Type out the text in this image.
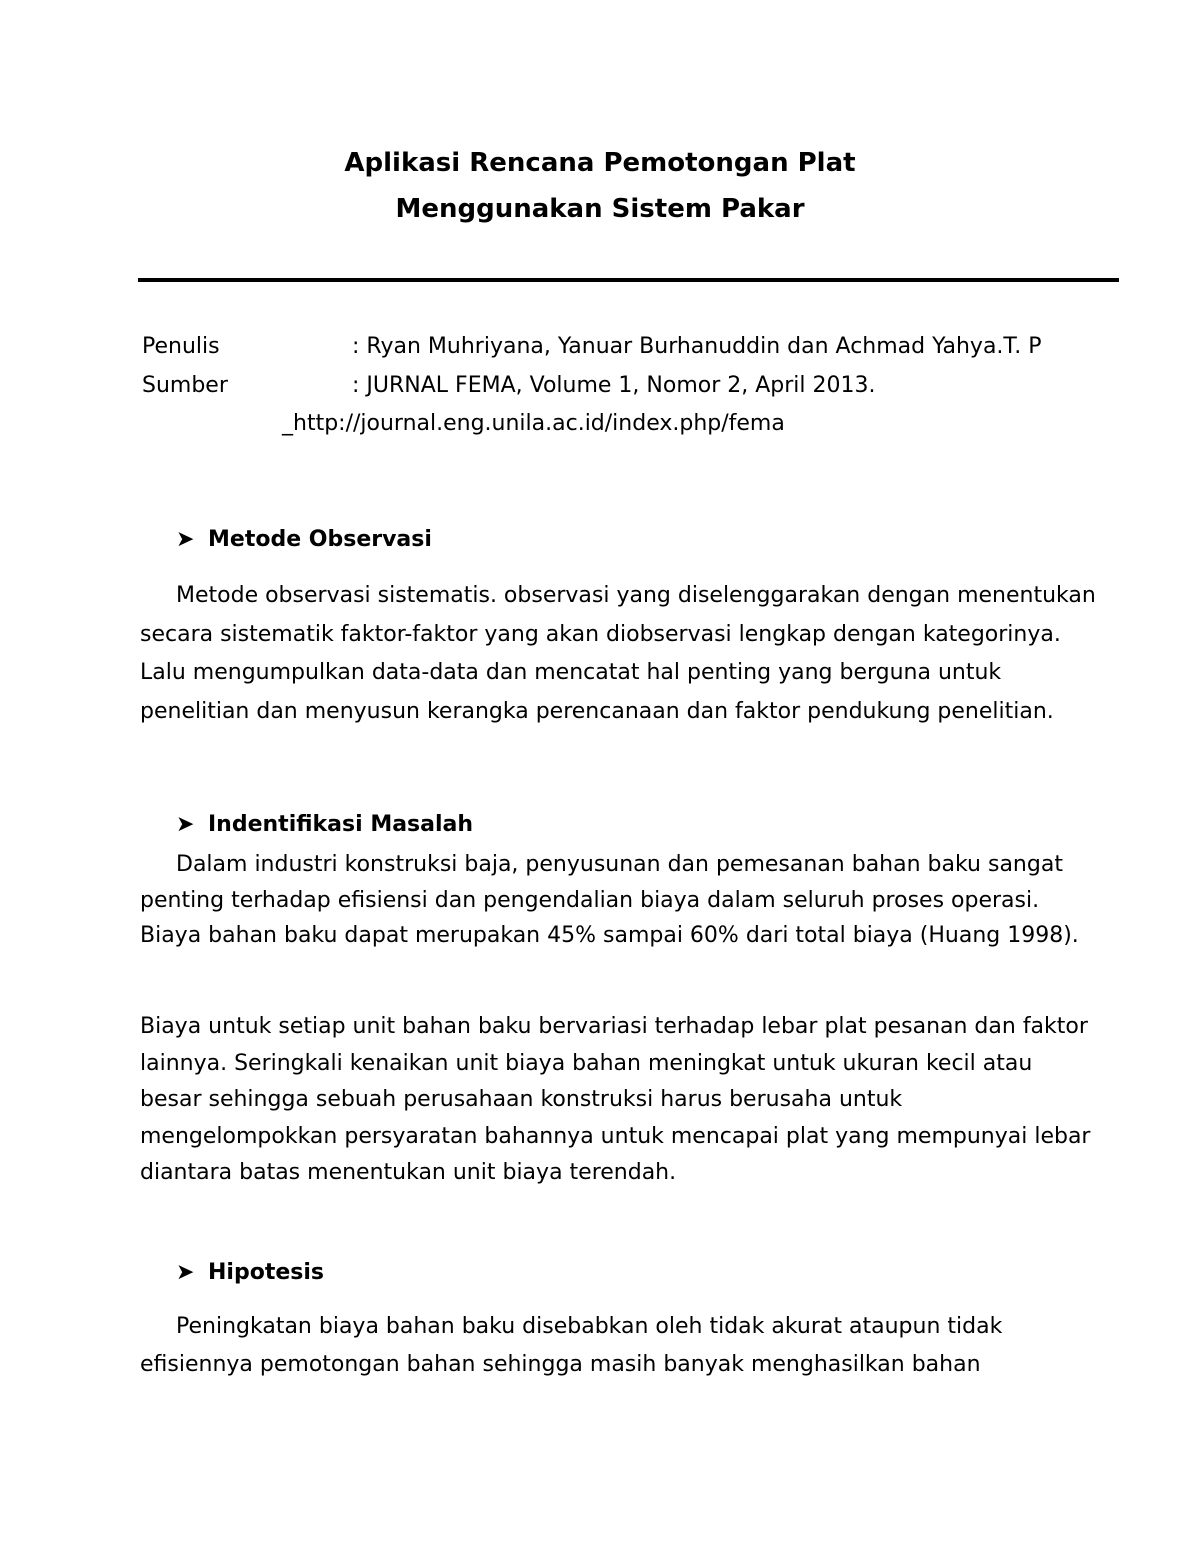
Aplikasi Rencana Pemotongan Plat
Menggunakan Sistem Pakar
Penulis	: Ryan Muhriyana, Yanuar Burhanuddin dan Achmad Yahya.T. P
Sumber	: JURNAL FEMA, Volume 1, Nomor 2, April 2013.
_http://journal.eng.unila.ac.id/index.php/fema
➤ Metode Observasi
Metode observasi sistematis. observasi yang diselenggarakan dengan menentukan secara sistematik faktor-faktor yang akan diobservasi lengkap dengan kategorinya. Lalu mengumpulkan data-data dan mencatat hal penting yang berguna untuk penelitian dan menyusun kerangka perencanaan dan faktor pendukung penelitian.
➤ Indentifikasi Masalah
Dalam industri konstruksi baja, penyusunan dan pemesanan bahan baku sangat penting terhadap efisiensi dan pengendalian biaya dalam seluruh proses operasi. Biaya bahan baku dapat merupakan 45% sampai 60% dari total biaya (Huang 1998).
Biaya untuk setiap unit bahan baku bervariasi terhadap lebar plat pesanan dan faktor lainnya. Seringkali kenaikan unit biaya bahan meningkat untuk ukuran kecil atau besar sehingga sebuah perusahaan konstruksi harus berusaha untuk mengelompokkan persyaratan bahannya untuk mencapai plat yang mempunyai lebar diantara batas menentukan unit biaya terendah.
➤ Hipotesis
Peningkatan biaya bahan baku disebabkan oleh tidak akurat ataupun tidak efisiennya pemotongan bahan sehingga masih banyak menghasilkan bahan
